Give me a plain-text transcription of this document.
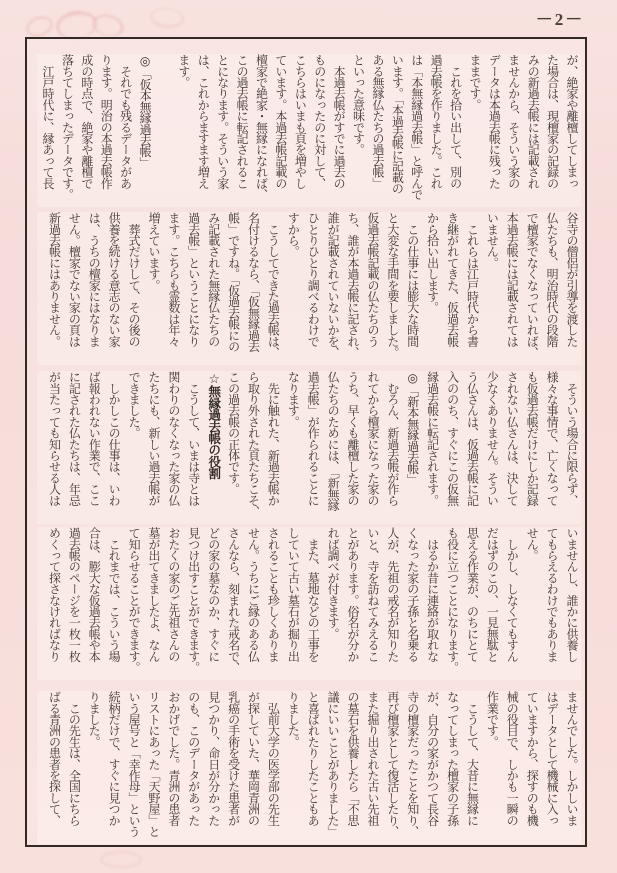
－2－
が、絶家や離檀してしまっ
た場合は、現檀家の記録の
みの新過去帳には記載され
ませんから、そういう家の
データは本過去帳に残った
ままです。
　これを拾い出して、別の
過去帳を作りました。これ
は「本無縁過去帳」と呼んで
います。「本過去帳に記載の
ある無縁仏たちの過去帳」
といった意味です。
　本過去帳がすでに過去の
ものになったのに対して、
こちらはいまも頁を増やし
ています。本過去帳記載の
檀家で絶家・無縁になれば、
この過去帳に転記されるこ
とになります。そういう家
は、これからますます増え
ます。

◎「仮本無縁過去帳」
　それでも残るデータがあ
ります。明治の本過去帳作
成の時点で、絶家や離檀で
落ちてしまったデータです。
　江戸時代に、縁あって長
谷寺の僧侶が引導を渡した
仏たちも、明治時代の段階
で檀家でなくなっていれば、
本過去帳には記載されては
いません。
　これらは江戸時代から書
き継がれてきた、仮過去帳
から拾い出します。
　この仕事には膨大な時間
と大変な手間を要しました。
仮過去帳記載の仏たちのう
ち、誰が本過去帳に記され、
誰が記載されていないかを、
ひとりひとり調べるわけで
すから。
　こうしてできた過去帳は、
名付けるなら、「仮無縁過去
帳」ですね。「仮過去帳にの
み記載された無縁仏たちの
過去帳」ということになり
ます。こちらも霊数は年々
増えています。
　葬式だけして、その後の
供養を続ける意志のない家
は、うちの檀家にはなりま
せん。檀家でない家の頁は
新過去帳にはありません。
　そういう場合に限らず、
様々な事情で、亡くなって
も仮過去帳だけにしか記録
されない仏さんは、決して
少なくありません。そうい
う仏さんは、仮過去帳に記
入ののち、すぐにこの仮無
縁過去帳に転記されます。
◎「新本無縁過去帳」
　むろん、新過去帳が作ら
れてから檀家になった家の
うち、早くも離檀した家の
仏たちのためには、「新無縁
過去帳」が作られることに
なります。
　先に触れた、新過去帳か
ら取り外された頁たちこそ、
この過去帳の正体です。
☆無縁過去帳の役割
　こうして、いまは寺とは
関わりのなくなった家の仏
たちにも、新しい過去帳が
できました。
　しかしこの仕事は、いわ
ば報われない作業で、ここ
に記された仏たちは、年忌
が当たっても知らせる人は
いませんし、誰かに供養し
てもらえるわけでもありま
せん。
　しかし、しなくてもすん
だはずのこの、一見無駄と
思える作業が、のちにとて
も役に立つことになります。
　はるか昔に連絡が取れな
くなった家の子孫と名乗る
人が、先祖の戒名が知りた
いと、寺を訪ねてみえるこ
とがあります。俗名が分か
れば調べが付きます。
　また、墓地などの工事を
していて古い墓石が掘り出
されることも珍しくありま
せん。うちにご縁のある仏
さんなら、刻まれた戒名で、
どの家の墓なのか、すぐに
見つけ出すことができます。
おたくの家のご先祖さんの
墓が出てきましたよ、なん
て知らせることができます。
　これまでは、こういう場
合は、膨大な仮過去帳や本
過去帳のページを一枚一枚
めくって探さなければなり
ませんでした。しかしいま
はデータとして機械に入っ
ていますから、探すのも機
械の役目で、しかも一瞬の
作業です。
　こうして、大昔に無縁に
なってしまった檀家の子孫
が、自分の家がかつて長谷
寺の檀家だったことを知り、
再び檀家として復活したり、
また掘り出された古い先祖
の墓石を供養したら「不思
議にいいことがありました」
と喜ばれたりしたこともあ
りました。
　弘前大学の医学部の先生
が探していた、華岡青洲の
乳癌の手術を受けた患者が
見つかり、命日が分かった
のも、このデータがあった
おかげでした。青洲の患者
リストにあった「天野屋」と
いう屋号と「幸作母」という
続柄だけで、すぐに見つか
りました。
　この先生は、全国にちら
ばる青洲の患者を探して、
